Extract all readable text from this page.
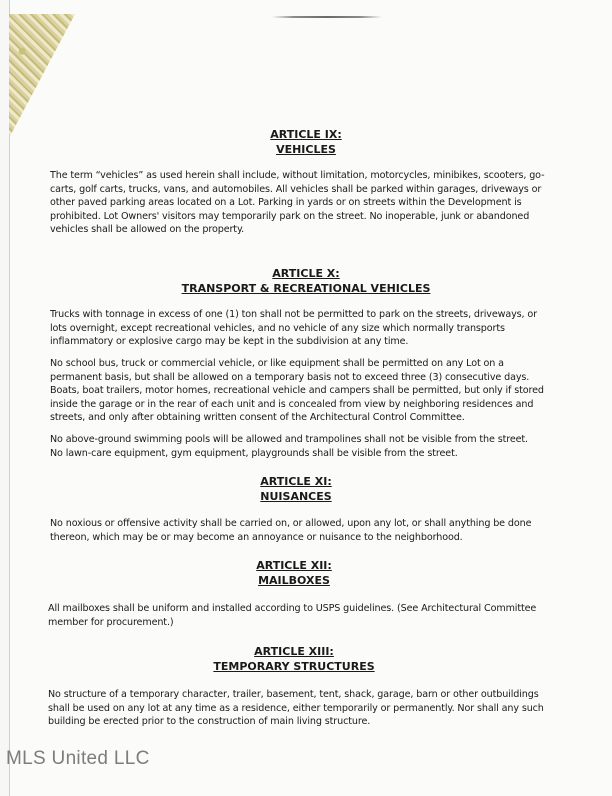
ARTICLE IX:
VEHICLES
The term “vehicles” as used herein shall include, without limitation, motorcycles, minibikes, scooters, go-
carts, golf carts, trucks, vans, and automobiles. All vehicles shall be parked within garages, driveways or
other paved parking areas located on a Lot. Parking in yards or on streets within the Development is
prohibited. Lot Owners' visitors may temporarily park on the street. No inoperable, junk or abandoned
vehicles shall be allowed on the property.
ARTICLE X:
TRANSPORT & RECREATIONAL VEHICLES
Trucks with tonnage in excess of one (1) ton shall not be permitted to park on the streets, driveways, or
lots overnight, except recreational vehicles, and no vehicle of any size which normally transports
inflammatory or explosive cargo may be kept in the subdivision at any time.
No school bus, truck or commercial vehicle, or like equipment shall be permitted on any Lot on a
permanent basis, but shall be allowed on a temporary basis not to exceed three (3) consecutive days.
Boats, boat trailers, motor homes, recreational vehicle and campers shall be permitted, but only if stored
inside the garage or in the rear of each unit and is concealed from view by neighboring residences and
streets, and only after obtaining written consent of the Architectural Control Committee.
No above-ground swimming pools will be allowed and trampolines shall not be visible from the street.
No lawn-care equipment, gym equipment, playgrounds shall be visible from the street.
ARTICLE XI:
NUISANCES
No noxious or offensive activity shall be carried on, or allowed, upon any lot, or shall anything be done
thereon, which may be or may become an annoyance or nuisance to the neighborhood.
ARTICLE XII:
MAILBOXES
All mailboxes shall be uniform and installed according to USPS guidelines. (See Architectural Committee
member for procurement.)
ARTICLE XIII:
TEMPORARY STRUCTURES
No structure of a temporary character, trailer, basement, tent, shack, garage, barn or other outbuildings
shall be used on any lot at any time as a residence, either temporarily or permanently. Nor shall any such
building be erected prior to the construction of main living structure.
MLS United LLC
